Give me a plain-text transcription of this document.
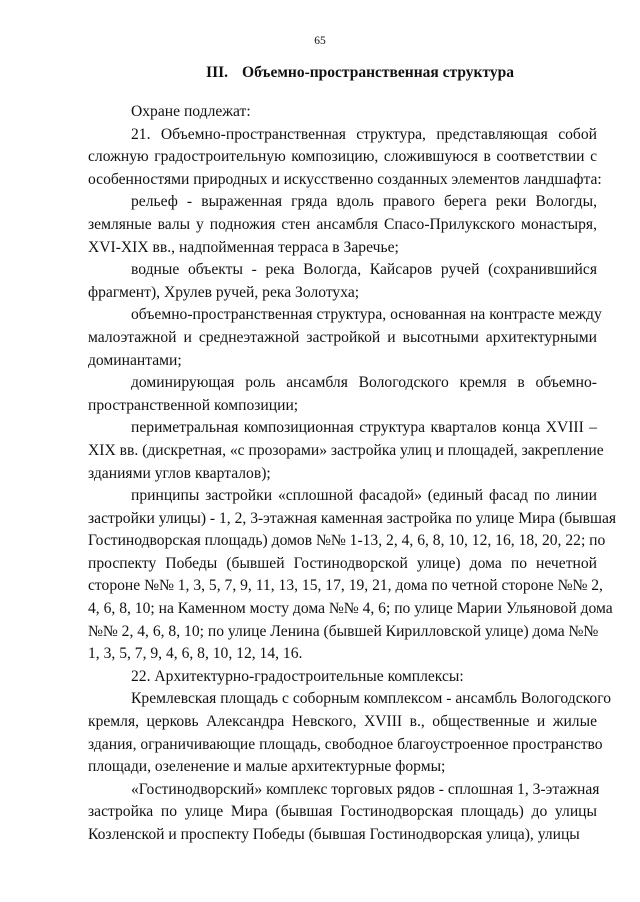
65
III. Объемно-пространственная структура
Охране подлежат:
21. Объемно-пространственная структура, представляющая собой
сложную градостроительную композицию, сложившуюся в соответствии с
особенностями природных и искусственно созданных элементов ландшафта:
рельеф - выраженная гряда вдоль правого берега реки Вологды,
земляные валы у подножия стен ансамбля Спасо-Прилукского монастыря,
XVI-XIX вв., надпойменная терраса в Заречье;
водные объекты - река Вологда, Кайсаров ручей (сохранившийся
фрагмент), Хрулев ручей, река Золотуха;
объемно-пространственная структура, основанная на контрасте между
малоэтажной и среднеэтажной застройкой и высотными архитектурными
доминантами;
доминирующая роль ансамбля Вологодского кремля в объемно-
пространственной композиции;
периметральная композиционная структура кварталов конца XVIII –
XIX вв. (дискретная, «с прозорами» застройка улиц и площадей, закрепление
зданиями углов кварталов);
принципы застройки «сплошной фасадой» (единый фасад по линии
застройки улицы) - 1, 2, 3-этажная каменная застройка по улице Мира (бывшая
Гостинодворская площадь) домов №№ 1-13, 2, 4, 6, 8, 10, 12, 16, 18, 20, 22; по
проспекту Победы (бывшей Гостинодворской улице) дома по нечетной
стороне №№ 1, 3, 5, 7, 9, 11, 13, 15, 17, 19, 21, дома по четной стороне №№ 2,
4, 6, 8, 10; на Каменном мосту дома №№ 4, 6; по улице Марии Ульяновой дома
№№ 2, 4, 6, 8, 10; по улице Ленина (бывшей Кирилловской улице) дома №№
1, 3, 5, 7, 9, 4, 6, 8, 10, 12, 14, 16.
22. Архитектурно-градостроительные комплексы:
Кремлевская площадь с соборным комплексом - ансамбль Вологодского
кремля, церковь Александра Невского, XVIII в., общественные и жилые
здания, ограничивающие площадь, свободное благоустроенное пространство
площади, озеленение и малые архитектурные формы;
«Гостинодворский» комплекс торговых рядов - сплошная 1, 3-этажная
застройка по улице Мира (бывшая Гостинодворская площадь) до улицы
Козленской и проспекту Победы (бывшая Гостинодворская улица), улицы
